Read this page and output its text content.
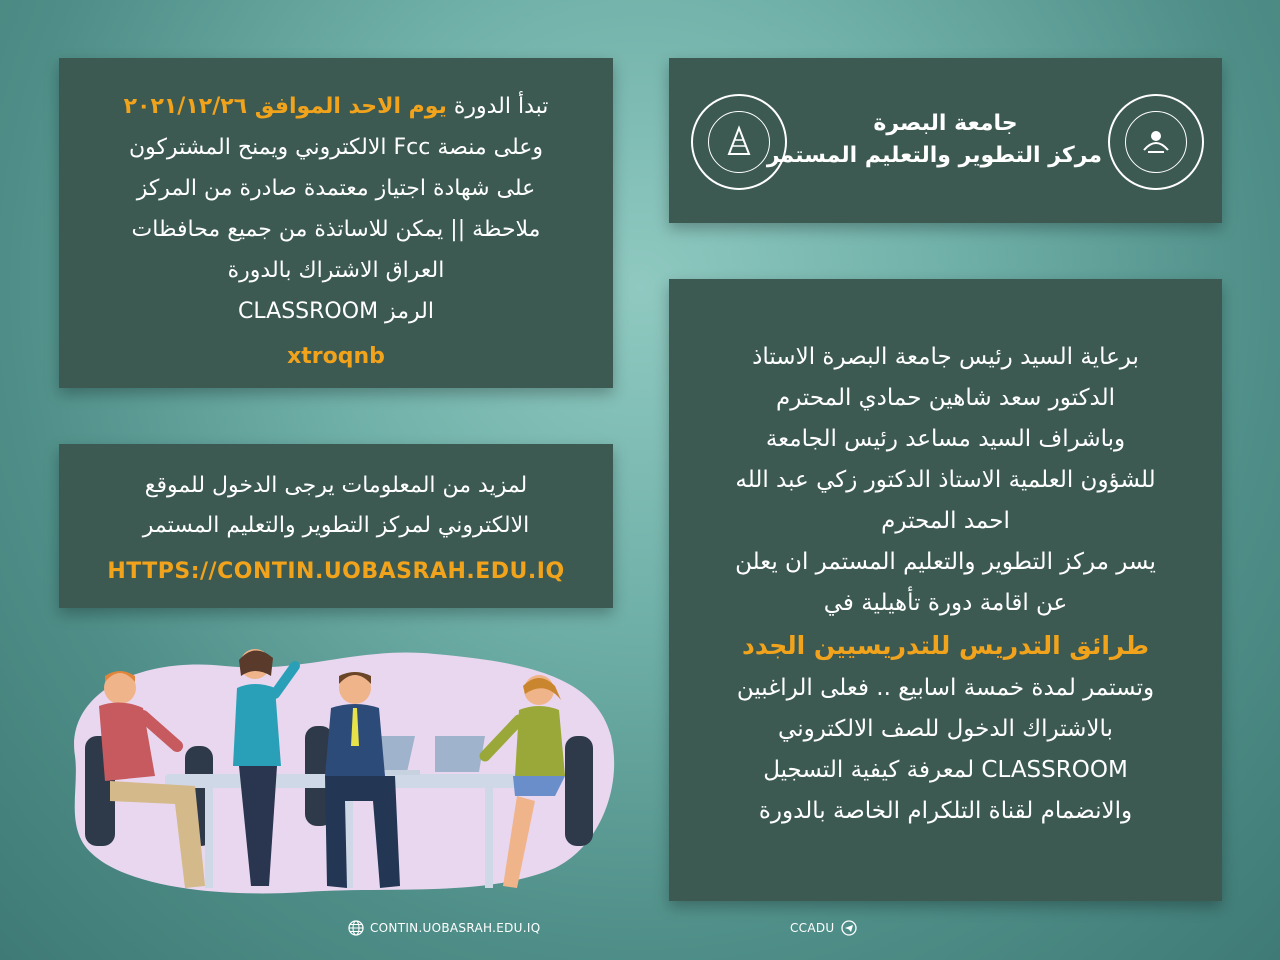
جامعة البصرة

مركز التطوير والتعليم المستمر

تبدأ الدورة يوم الاحد الموافق ٢٠٢١/١٢/٢٦

وعلى منصة Fcc الالكتروني ويمنح المشتركون

على شهادة اجتياز معتمدة صادرة من المركز

ملاحظة || يمكن للاساتذة من جميع محافظات

العراق الاشتراك بالدورة

الرمز CLASSROOM

xtroqnb

لمزيد من المعلومات يرجى الدخول للموقع

الالكتروني لمركز التطوير والتعليم المستمر

HTTPS://CONTIN.UOBASRAH.EDU.IQ

برعاية السيد رئيس جامعة البصرة الاستاذ

الدكتور سعد شاهين حمادي المحترم

وباشراف السيد مساعد رئيس الجامعة

للشؤون العلمية الاستاذ الدكتور زكي عبد الله

احمد المحترم

يسر مركز التطوير والتعليم المستمر ان يعلن

عن اقامة دورة تأهيلية في

طرائق التدريس للتدريسيين الجدد

وتستمر لمدة خمسة اسابيع .. فعلى الراغبين

بالاشتراك الدخول للصف الالكتروني

CLASSROOM لمعرفة كيفية التسجيل

والانضمام لقناة التلكرام الخاصة بالدورة

CONTIN.UOBASRAH.EDU.IQ	CCADU
